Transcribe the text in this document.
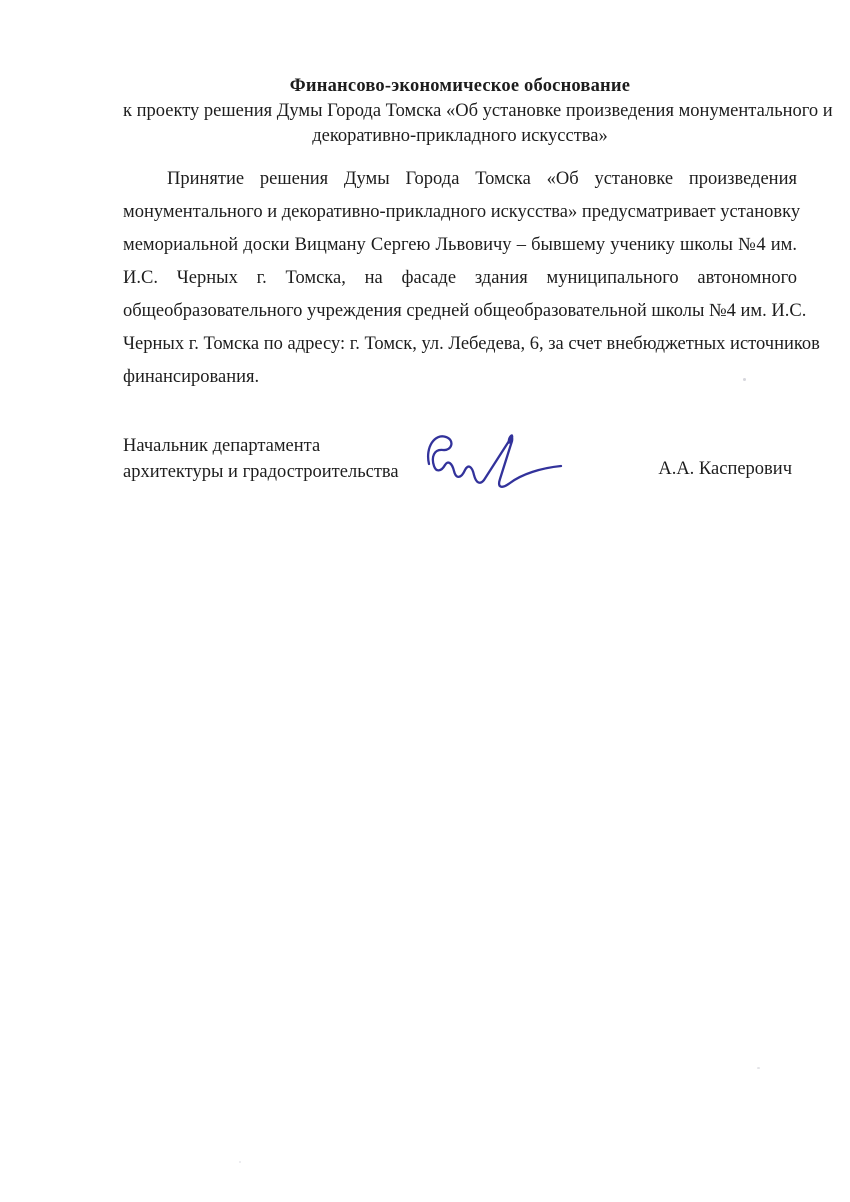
Финансово-экономическое обоснование
к проекту решения Думы Города Томска «Об установке произведения монументального и
декоративно-прикладного искусства»
Принятие решения Думы Города Томска «Об установке произведения
монументального и декоративно-прикладного искусства» предусматривает установку
мемориальной доски Вицману Сергею Львовичу – бывшему ученику школы №4 им.
И.С. Черных г. Томска, на фасаде здания муниципального автономного
общеобразовательного учреждения средней общеобразовательной школы №4 им. И.С.
Черных г. Томска по адресу: г. Томск, ул. Лебедева, 6, за счет внебюджетных источников
финансирования.
Начальник департамента
архитектуры и градостроительства	А.А. Касперович
